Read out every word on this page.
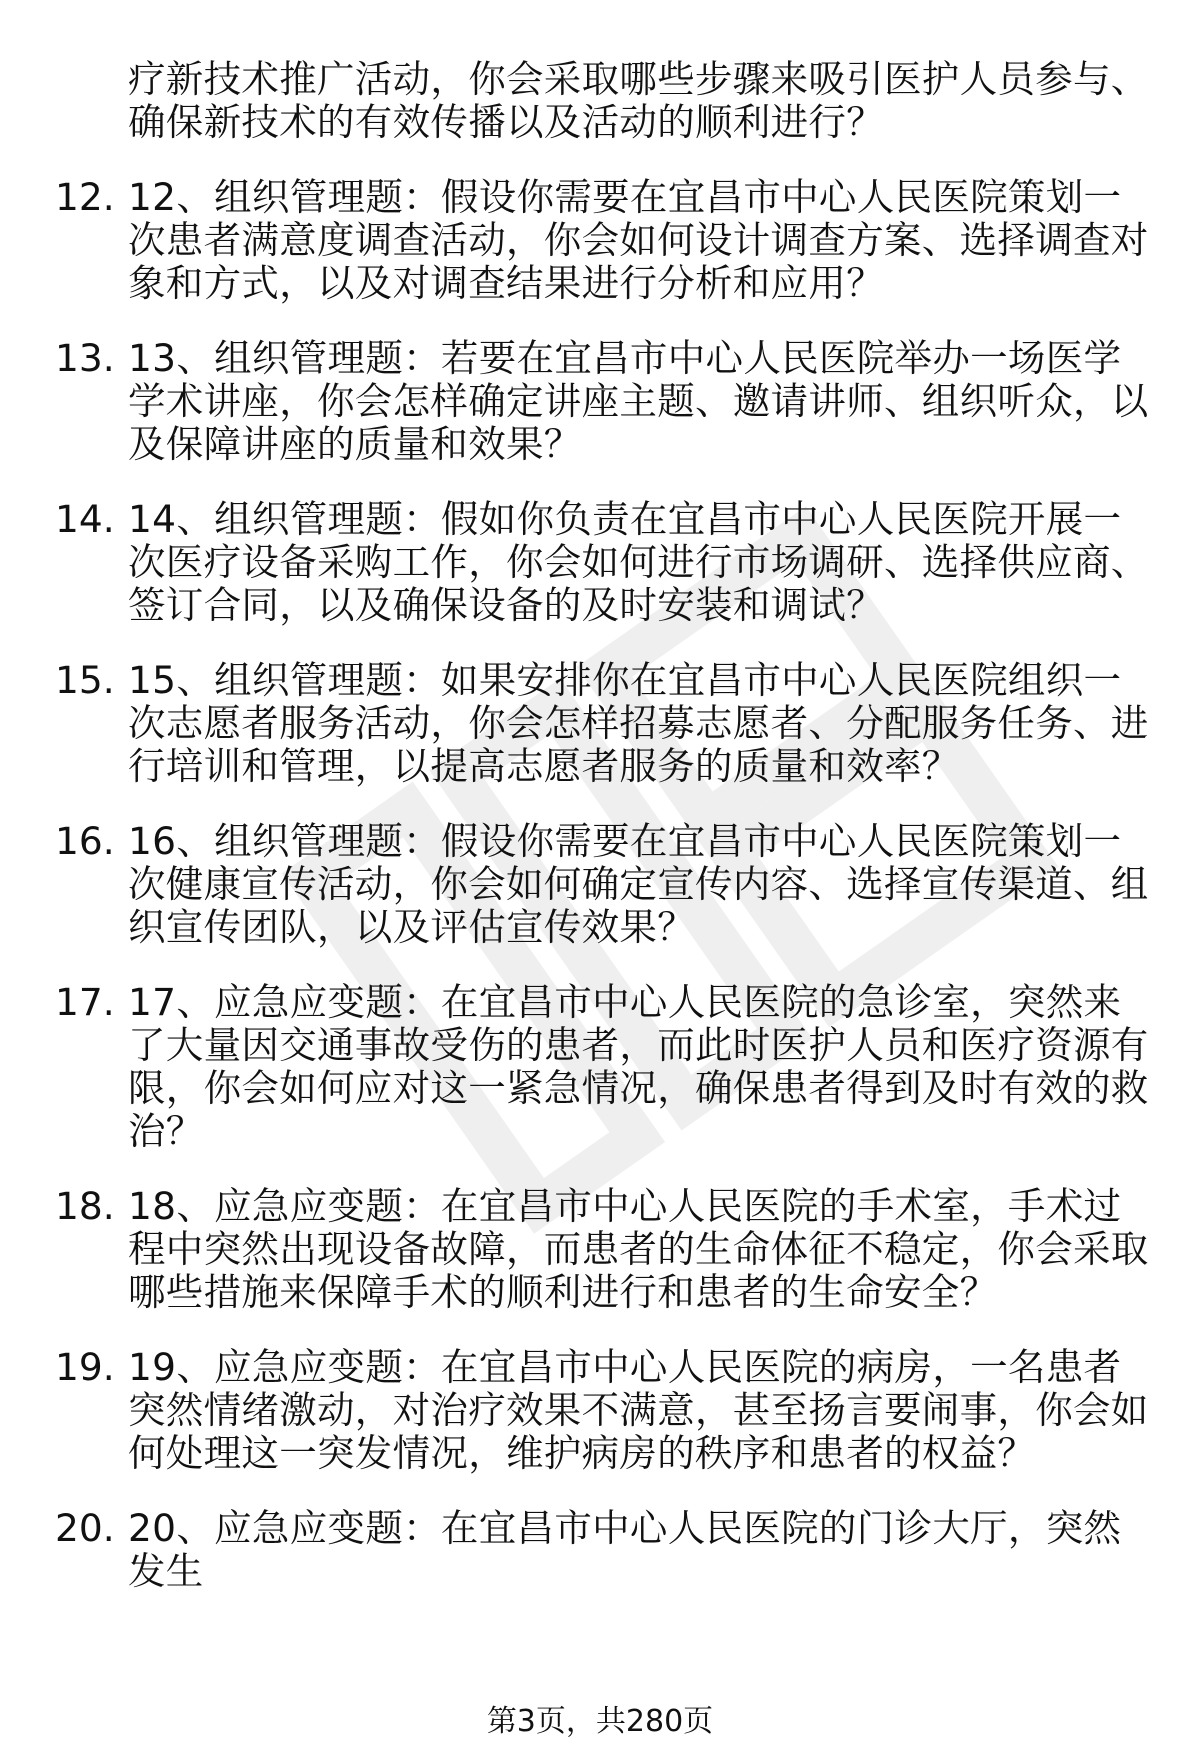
疗新技术推广活动，你会采取哪些步骤来吸引医护人员参与、确保新技术的有效传播以及活动的顺利进行？
12. 12、组织管理题：假设你需要在宜昌市中心人民医院策划一次患者满意度调查活动，你会如何设计调查方案、选择调查对象和方式，以及对调查结果进行分析和应用？
13. 13、组织管理题：若要在宜昌市中心人民医院举办一场医学学术讲座，你会怎样确定讲座主题、邀请讲师、组织听众，以及保障讲座的质量和效果？
14. 14、组织管理题：假如你负责在宜昌市中心人民医院开展一次医疗设备采购工作，你会如何进行市场调研、选择供应商、签订合同，以及确保设备的及时安装和调试？
15. 15、组织管理题：如果安排你在宜昌市中心人民医院组织一次志愿者服务活动，你会怎样招募志愿者、分配服务任务、进行培训和管理，以提高志愿者服务的质量和效率？
16. 16、组织管理题：假设你需要在宜昌市中心人民医院策划一次健康宣传活动，你会如何确定宣传内容、选择宣传渠道、组织宣传团队，以及评估宣传效果？
17. 17、应急应变题：在宜昌市中心人民医院的急诊室，突然来了大量因交通事故受伤的患者，而此时医护人员和医疗资源有限，你会如何应对这一紧急情况，确保患者得到及时有效的救治？
18. 18、应急应变题：在宜昌市中心人民医院的手术室，手术过程中突然出现设备故障，而患者的生命体征不稳定，你会采取哪些措施来保障手术的顺利进行和患者的生命安全？
19. 19、应急应变题：在宜昌市中心人民医院的病房，一名患者突然情绪激动，对治疗效果不满意，甚至扬言要闹事，你会如何处理这一突发情况，维护病房的秩序和患者的权益？
20. 20、应急应变题：在宜昌市中心人民医院的门诊大厅，突然发生
第3页，共280页
